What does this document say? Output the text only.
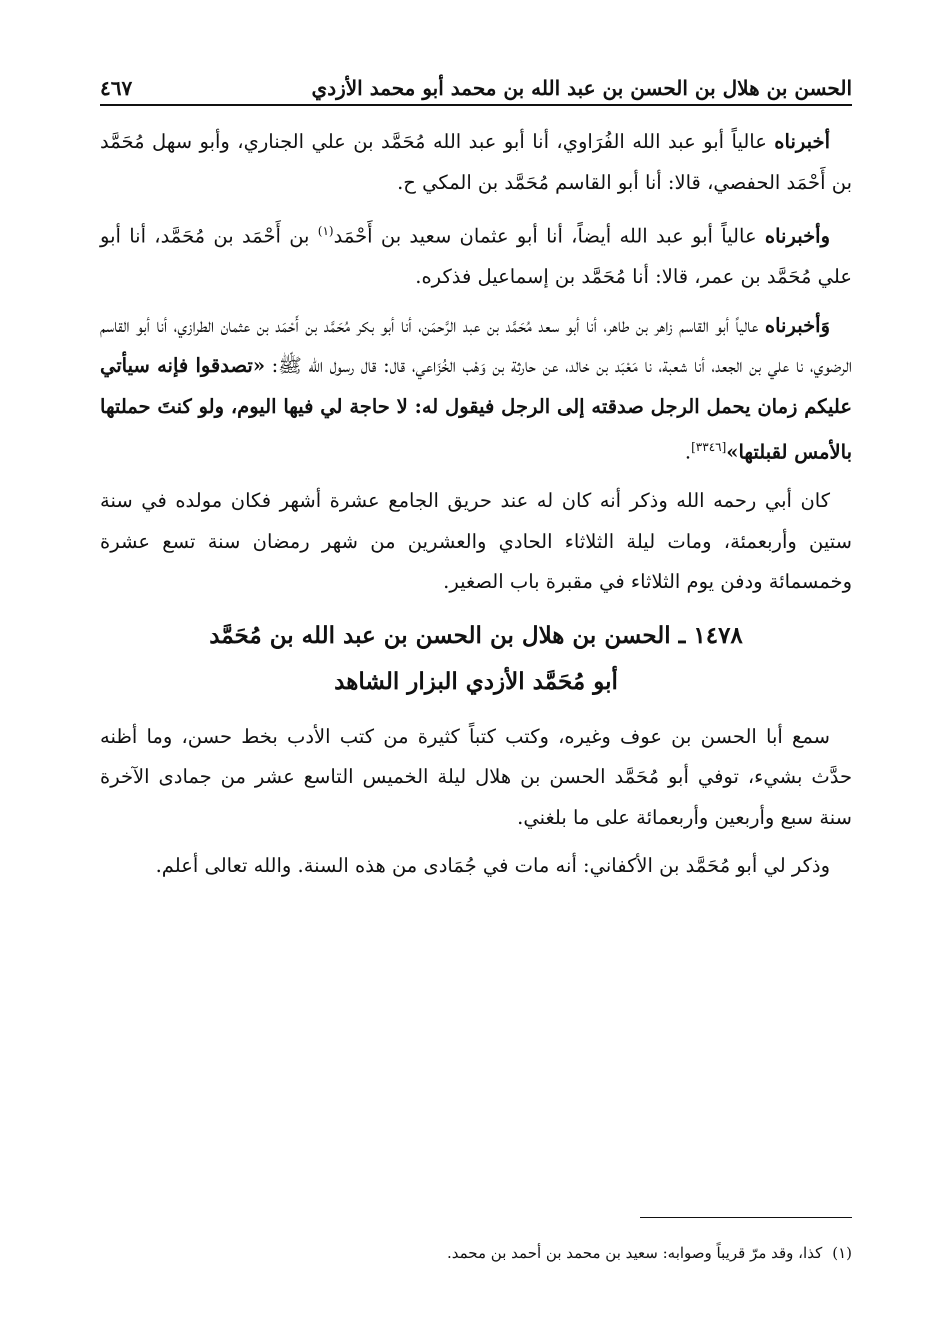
الحسن بن هلال بن الحسن بن عبد الله بن محمد أبو محمد الأزدي
٤٦٧

أخبرناه عالياً أبو عبد الله الفُرَاوي، أنا أبو عبد الله مُحَمَّد بن علي الجناري، وأبو سهل مُحَمَّد بن أَحْمَد الحفصي، قالا: أنا أبو القاسم مُحَمَّد بن المكي ح.

وأخبرناه عالياً أبو عبد الله أيضاً، أنا أبو عثمان سعيد بن أَحْمَد$^{(١)}$ بن أَحْمَد بن مُحَمَّد، أنا أبو علي مُحَمَّد بن عمر، قالا: أنا مُحَمَّد بن إسماعيل فذكره.

وَأخبرناه عالياً أبو القاسم زاهر بن طاهر، أنا أبو سعد مُحَمَّد بن عبد الرَّحمَن، أنا أبو بكر مُحَمَّد بن أَحْمَد بن عثمان الطرازي، أنا أبو القاسم الرضوي، نا علي بن الجعد، أنا شعبة، نا مَعْبَد بن خالد، عن حارثة بن وَهْب الخُزَاعي، قال: قال رسول الله ﷺ: «تصدقوا فإنه سيأتي عليكم زمان يحمل الرجل صدقته إلى الرجل فيقول له: لا حاجة لي فيها اليوم، ولو كنتَ حملتها بالأمس لقبلتها»[٣٣٤٦].

كان أبي رحمه الله وذكر أنه كان له عند حريق الجامع عشرة أشهر فكان مولده في سنة ستين وأربعمئة، ومات ليلة الثلاثاء الحادي والعشرين من شهر رمضان سنة تسع عشرة وخمسمائة ودفن يوم الثلاثاء في مقبرة باب الصغير.

١٤٧٨ ـ الحسن بن هلال بن الحسن بن عبد الله بن مُحَمَّد
أبو مُحَمَّد الأزدي البزار الشاهد

سمع أبا الحسن بن عوف وغيره، وكتب كتباً كثيرة من كتب الأدب بخط حسن، وما أظنه حدَّث بشيء، توفي أبو مُحَمَّد الحسن بن هلال ليلة الخميس التاسع عشر من جمادى الآخرة سنة سبع وأربعين وأربعمائة على ما بلغني.

وذكر لي أبو مُحَمَّد بن الأكفاني: أنه مات في جُمَادى من هذه السنة. والله تعالى أعلم.

(١)كذا، وقد مرّ قريباً وصوابه: سعيد بن محمد بن أحمد بن محمد.
